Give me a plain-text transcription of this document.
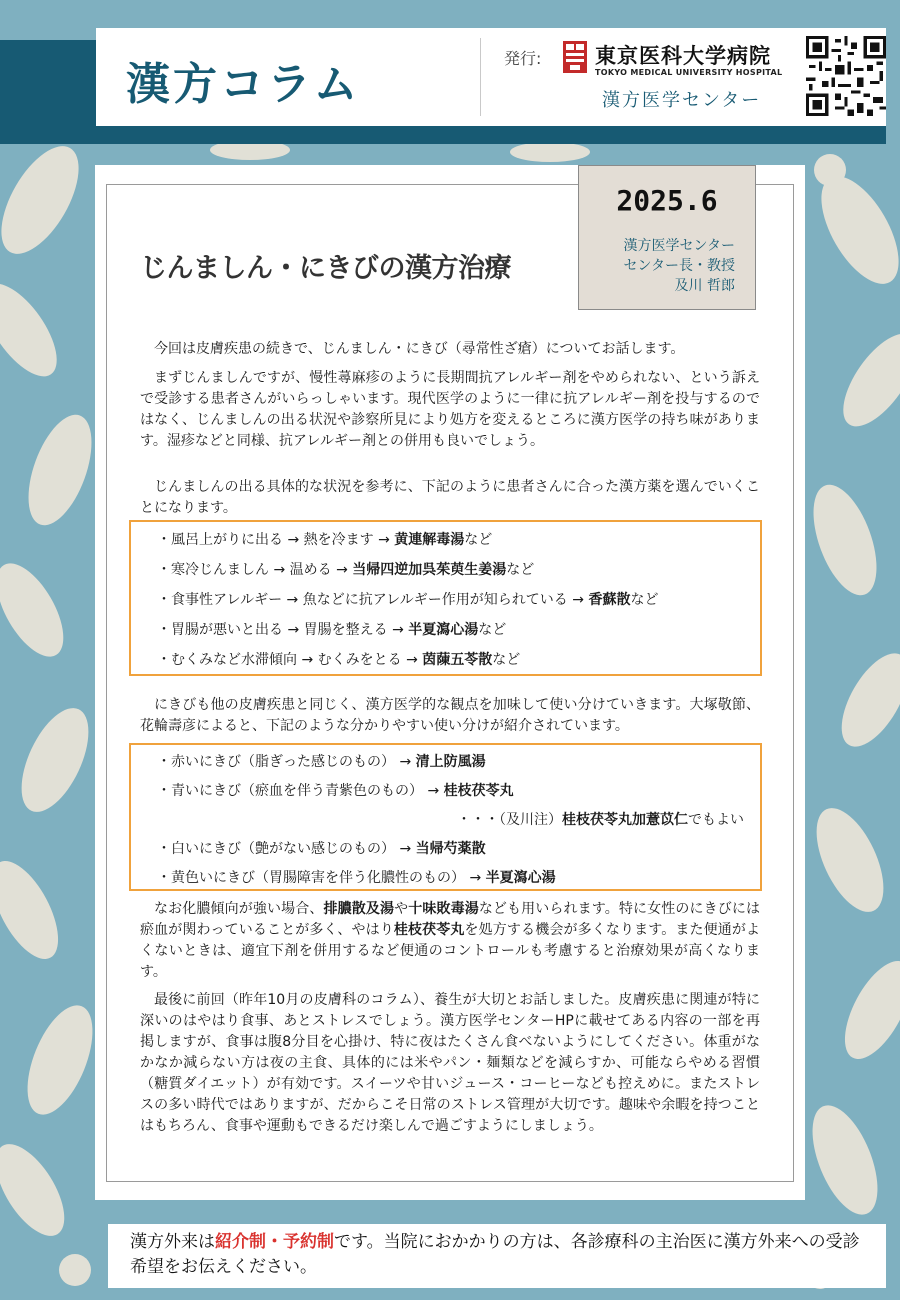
漢方コラム
発行:	東京医科大学病院
TOKYO MEDICAL UNIVERSITY HOSPITAL
漢方医学センター
2025.6
漢方医学センター
センター長・教授
及川 哲郎
じんましん・にきびの漢方治療
今回は皮膚疾患の続きで、じんましん・にきび（尋常性ざ瘡）についてお話します。
まずじんましんですが、慢性蕁麻疹のように長期間抗アレルギー剤をやめられない、という訴えで受診する患者さんがいらっしゃいます。現代医学のように一律に抗アレルギー剤を投与するのではなく、じんましんの出る状況や診察所見により処方を変えるところに漢方医学の持ち味があります。湿疹などと同様、抗アレルギー剤との併用も良いでしょう。
じんましんの出る具体的な状況を参考に、下記のように患者さんに合った漢方薬を選んでいくことになります。
・風呂上がりに出る → 熱を冷ます → 黄連解毒湯など
・寒冷じんましん → 温める → 当帰四逆加呉茱萸生姜湯など
・食事性アレルギー → 魚などに抗アレルギー作用が知られている → 香蘇散など
・胃腸が悪いと出る → 胃腸を整える → 半夏瀉心湯など
・むくみなど水滞傾向 → むくみをとる → 茵蔯五苓散など
にきびも他の皮膚疾患と同じく、漢方医学的な観点を加味して使い分けていきます。大塚敬節、花輪壽彦によると、下記のような分かりやすい使い分けが紹介されています。
・赤いにきび（脂ぎった感じのもの） → 清上防風湯
・青いにきび（瘀血を伴う青紫色のもの） → 桂枝茯苓丸
・・・（及川注）桂枝茯苓丸加薏苡仁でもよい
・白いにきび（艶がない感じのもの） → 当帰芍薬散
・黄色いにきび（胃腸障害を伴う化膿性のもの） → 半夏瀉心湯
なお化膿傾向が強い場合、排膿散及湯や十味敗毒湯なども用いられます。特に女性のにきびには瘀血が関わっていることが多く、やはり桂枝茯苓丸を処方する機会が多くなります。また便通がよくないときは、適宜下剤を併用するなど便通のコントロールも考慮すると治療効果が高くなります。
最後に前回（昨年10月の皮膚科のコラム）、養生が大切とお話しました。皮膚疾患に関連が特に深いのはやはり食事、あとストレスでしょう。漢方医学センターHPに載せてある内容の一部を再掲しますが、食事は腹8分目を心掛け、特に夜はたくさん食べないようにしてください。体重がなかなか減らない方は夜の主食、具体的には米やパン・麺類などを減らすか、可能ならやめる習慣（糖質ダイエット）が有効です。スイーツや甘いジュース・コーヒーなども控えめに。またストレスの多い時代ではありますが、だからこそ日常のストレス管理が大切です。趣味や余暇を持つことはもちろん、食事や運動もできるだけ楽しんで過ごすようにしましょう。
漢方外来は紹介制・予約制です。当院におかかりの方は、各診療科の主治医に漢方外来への受診希望をお伝えください。
